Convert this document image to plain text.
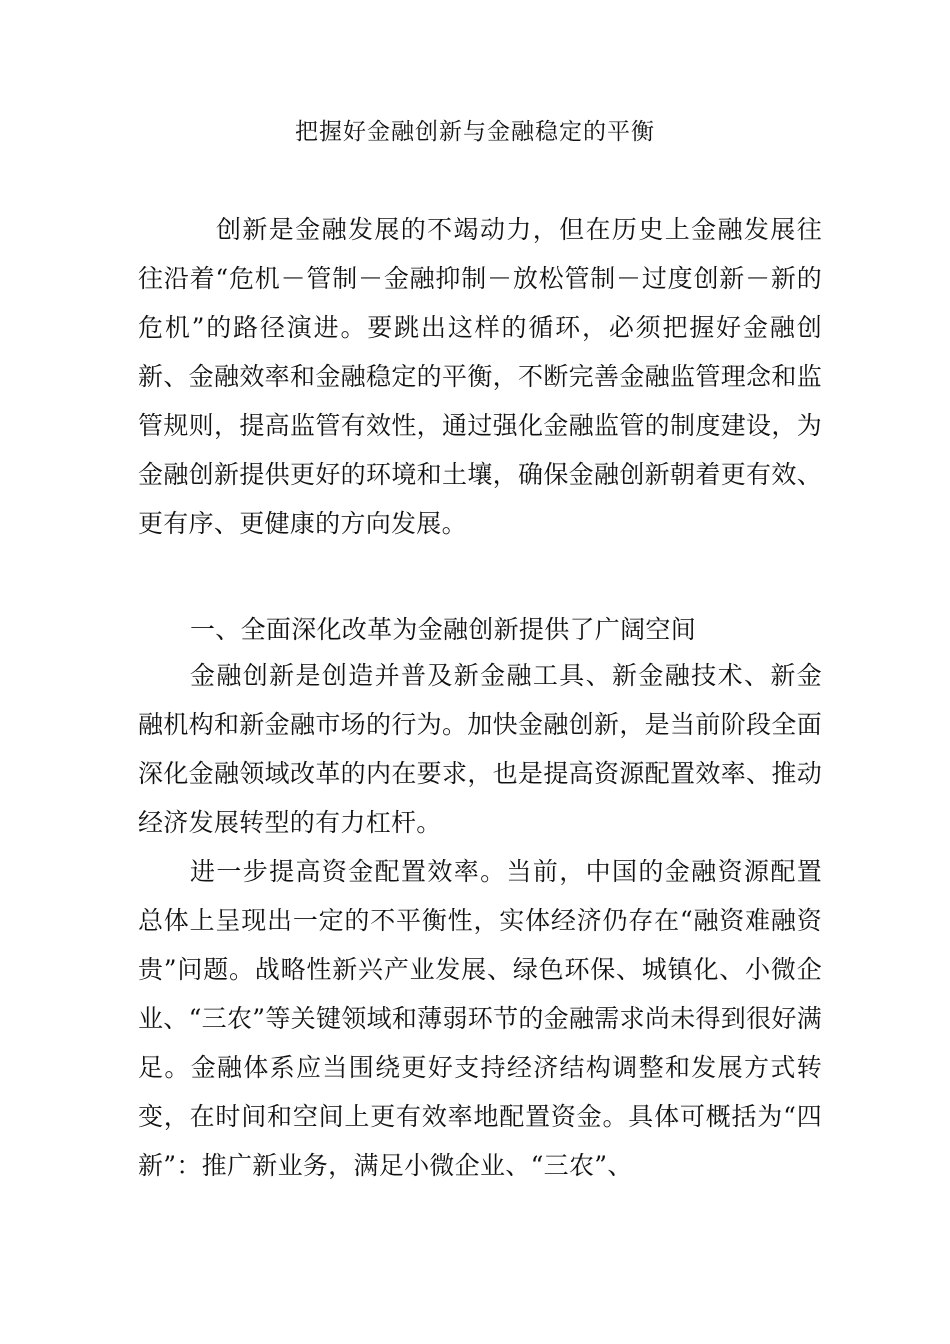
把握好金融创新与金融稳定的平衡
创新是金融发展的不竭动力，但在历史上金融发展往往沿着“危机－管制－金融抑制－放松管制－过度创新－新的危机”的路径演进。要跳出这样的循环，必须把握好金融创新、金融效率和金融稳定的平衡，不断完善金融监管理念和监管规则，提高监管有效性，通过强化金融监管的制度建设，为金融创新提供更好的环境和土壤，确保金融创新朝着更有效、更有序、更健康的方向发展。
一、全面深化改革为金融创新提供了广阔空间
金融创新是创造并普及新金融工具、新金融技术、新金融机构和新金融市场的行为。加快金融创新，是当前阶段全面深化金融领域改革的内在要求，也是提高资源配置效率、推动经济发展转型的有力杠杆。
进一步提高资金配置效率。当前，中国的金融资源配置总体上呈现出一定的不平衡性，实体经济仍存在“融资难融资贵”问题。战略性新兴产业发展、绿色环保、城镇化、小微企业、“三农”等关键领域和薄弱环节的金融需求尚未得到很好满足。金融体系应当围绕更好支持经济结构调整和发展方式转变，在时间和空间上更有效率地配置资金。具体可概括为“四新”：推广新业务，满足小微企业、“三农”、
